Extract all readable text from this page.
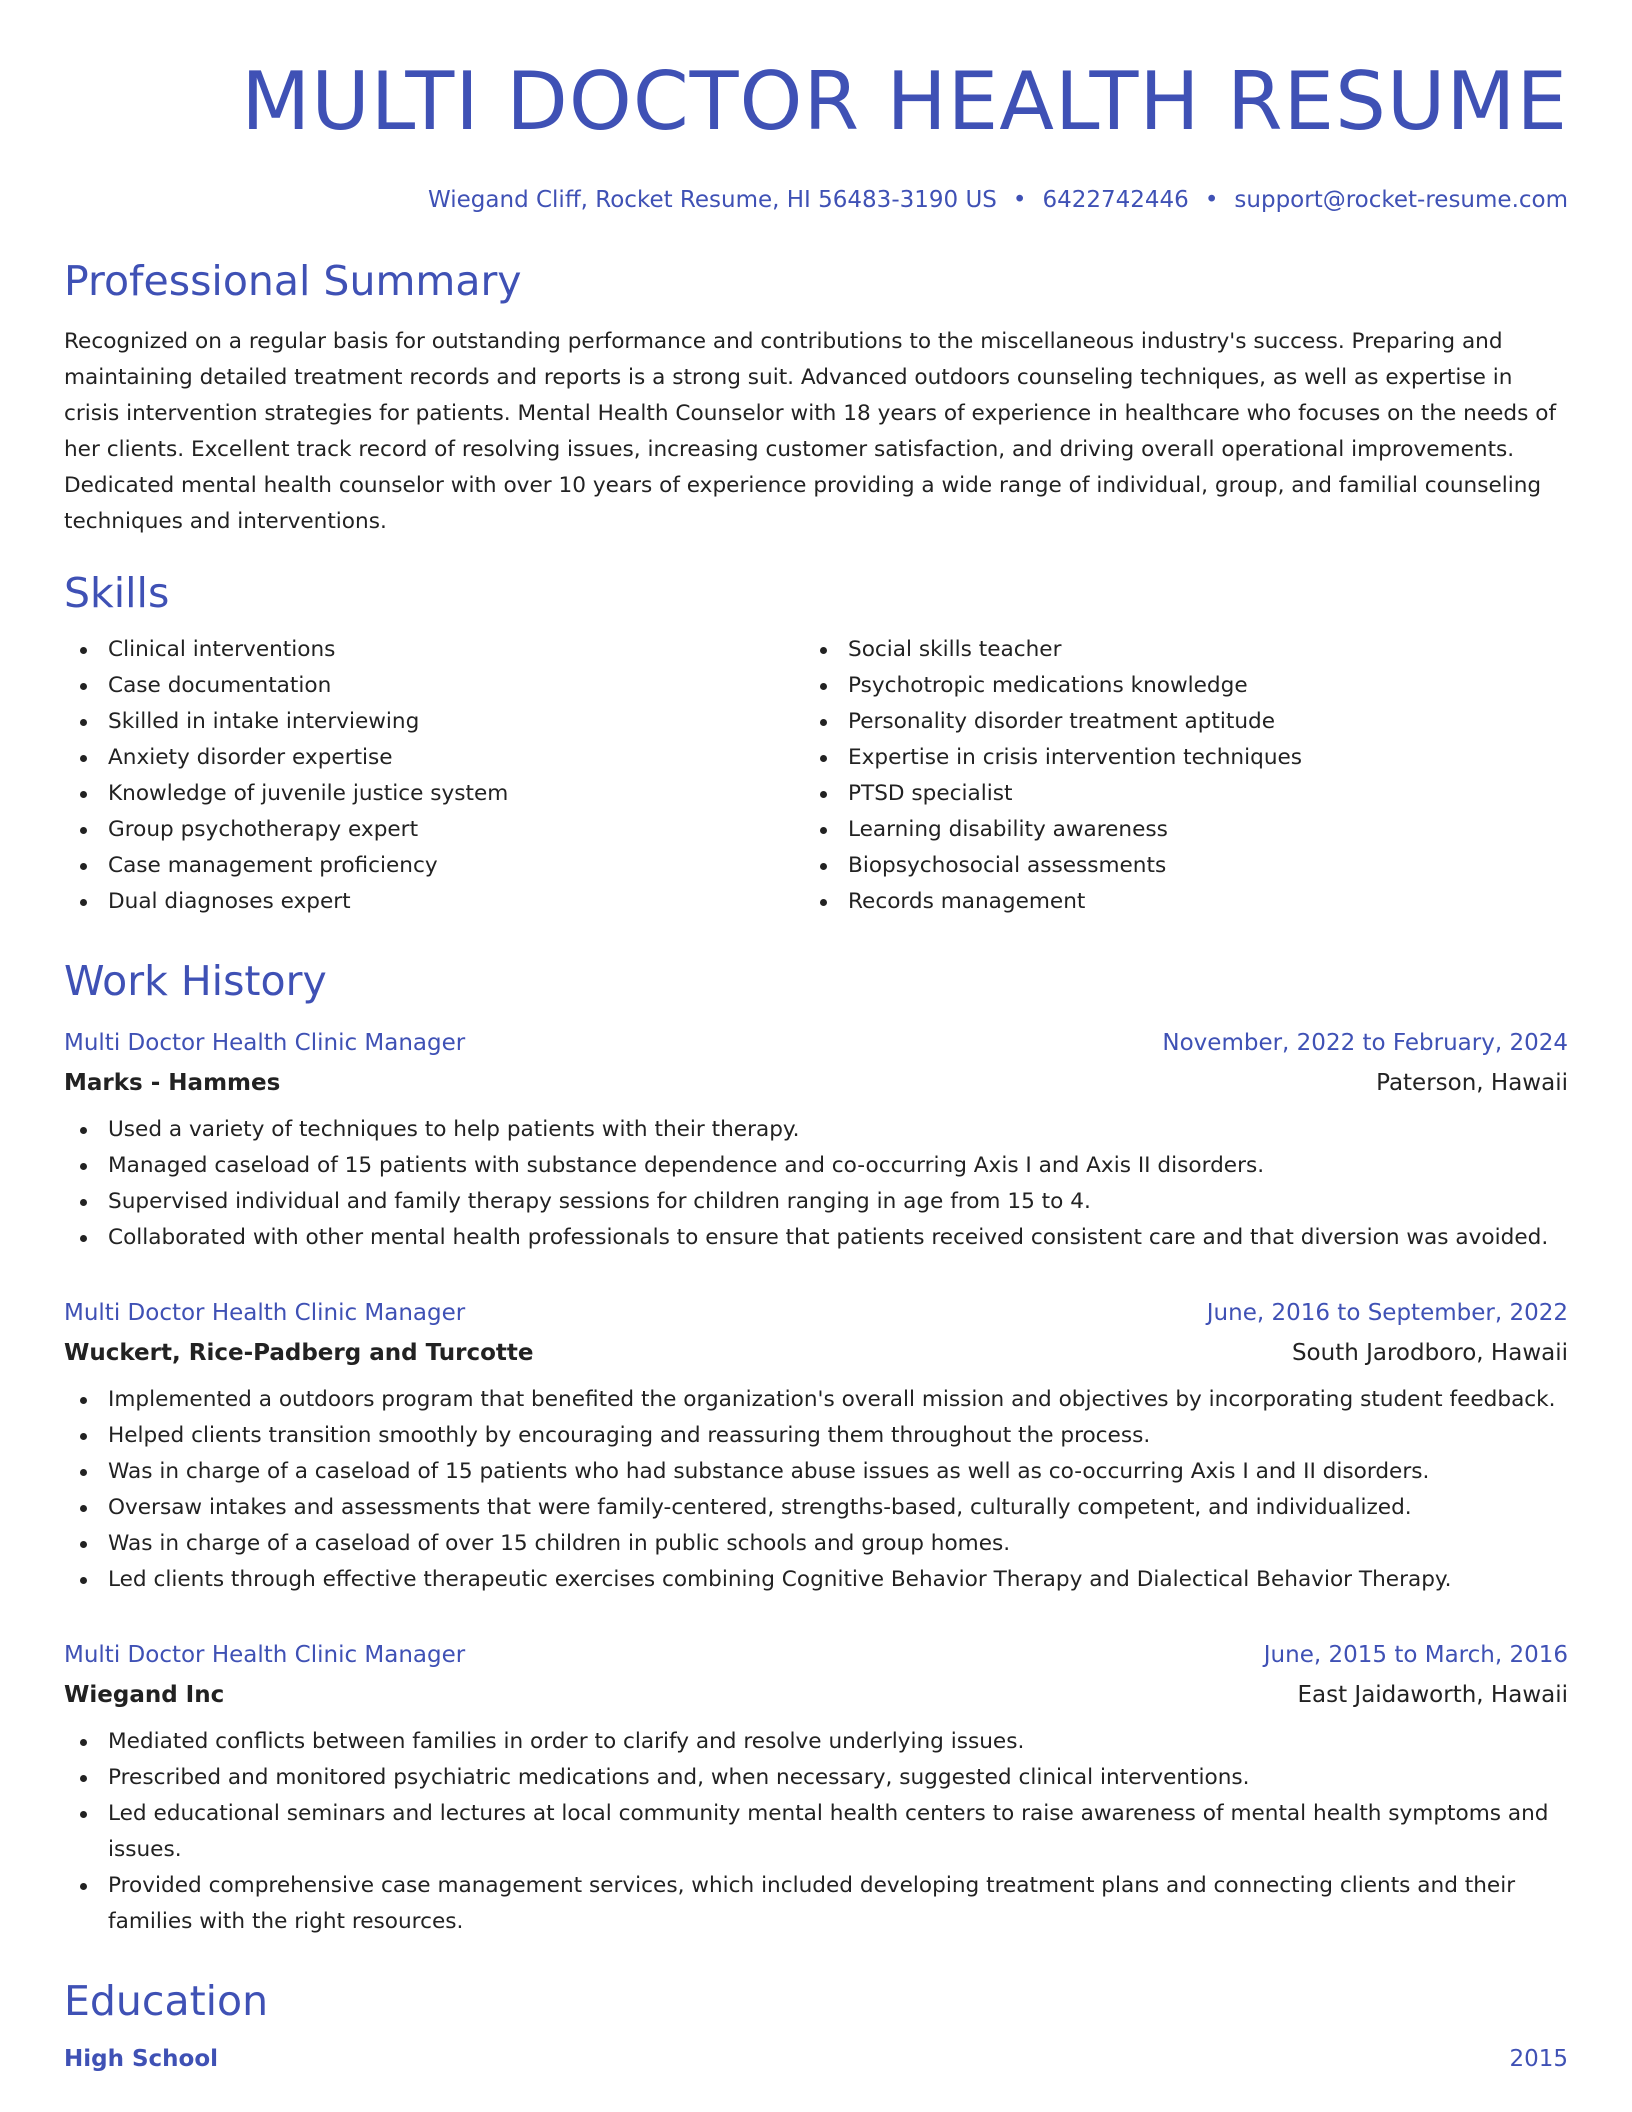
MULTI DOCTOR HEALTH RESUME
Wiegand Cliff, Rocket Resume, HI 56483-3190 US • 6422742446 • support@rocket-resume.com
Professional Summary

Recognized on a regular basis for outstanding performance and contributions to the miscellaneous industry's success. Preparing and maintaining detailed treatment records and reports is a strong suit. Advanced outdoors counseling techniques, as well as expertise in crisis intervention strategies for patients. Mental Health Counselor with 18 years of experience in healthcare who focuses on the needs of her clients. Excellent track record of resolving issues, increasing customer satisfaction, and driving overall operational improvements. Dedicated mental health counselor with over 10 years of experience providing a wide range of individual, group, and familial counseling techniques and interventions.

Skills
Clinical interventions
Case documentation
Skilled in intake interviewing
Anxiety disorder expertise
Knowledge of juvenile justice system
Group psychotherapy expert
Case management proficiency
Dual diagnoses expert
Social skills teacher
Psychotropic medications knowledge
Personality disorder treatment aptitude
Expertise in crisis intervention techniques
PTSD specialist
Learning disability awareness
Biopsychosocial assessments
Records management
Work History
Multi Doctor Health Clinic Manager	November, 2022 to February, 2024
Marks - Hammes	Paterson, Hawaii
Used a variety of techniques to help patients with their therapy.
Managed caseload of 15 patients with substance dependence and co-occurring Axis I and Axis II disorders.
Supervised individual and family therapy sessions for children ranging in age from 15 to 4.
Collaborated with other mental health professionals to ensure that patients received consistent care and that diversion was avoided.
Multi Doctor Health Clinic Manager	June, 2016 to September, 2022
Wuckert, Rice-Padberg and Turcotte	South Jarodboro, Hawaii
Implemented a outdoors program that benefited the organization's overall mission and objectives by incorporating student feedback.
Helped clients transition smoothly by encouraging and reassuring them throughout the process.
Was in charge of a caseload of 15 patients who had substance abuse issues as well as co-occurring Axis I and II disorders.
Oversaw intakes and assessments that were family-centered, strengths-based, culturally competent, and individualized.
Was in charge of a caseload of over 15 children in public schools and group homes.
Led clients through effective therapeutic exercises combining Cognitive Behavior Therapy and Dialectical Behavior Therapy.
Multi Doctor Health Clinic Manager	June, 2015 to March, 2016
Wiegand Inc	East Jaidaworth, Hawaii
Mediated conflicts between families in order to clarify and resolve underlying issues.
Prescribed and monitored psychiatric medications and, when necessary, suggested clinical interventions.
Led educational seminars and lectures at local community mental health centers to raise awareness of mental health symptoms and issues.
Provided comprehensive case management services, which included developing treatment plans and connecting clients and their families with the right resources.
Education
High School	2015
